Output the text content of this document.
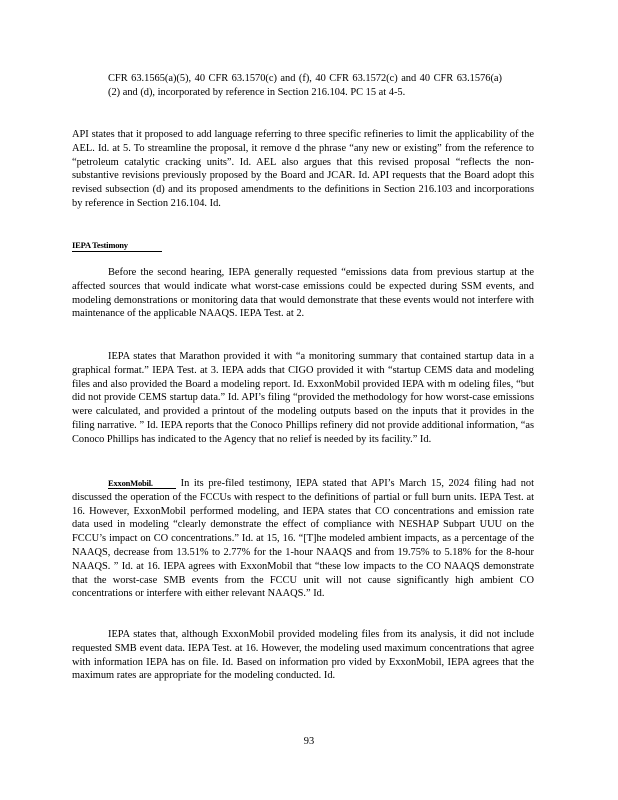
CFR 63.1565(a)(5), 40 CFR 63.1570(c) and (f), 40 CFR 63.1572(c) and 40 CFR 63.1576(a)(2) and (d), incorporated by reference in Section 216.104. PC 15 at 4-5.
API states that it proposed to add language referring to three specific refineries to limit the applicability of the AEL. Id. at 5. To streamline the proposal, it remove d the phrase “any new or existing” from the reference to “petroleum catalytic cracking units”. Id. AEL also argues that this revised proposal “reflects the non-substantive revisions previously proposed by the Board and JCAR. Id. API requests that the Board adopt this revised subsection (d) and its proposed amendments to the definitions in Section 216.103 and incorporations by reference in Section 216.104. Id.
IEPA Testimony
Before the second hearing, IEPA generally requested “emissions data from previous startup at the affected sources that would indicate what worst-case emissions could be expected during SSM events, and modeling demonstrations or monitoring data that would demonstrate that these events would not interfere with maintenance of the applicable NAAQS. IEPA Test. at 2.
IEPA states that Marathon provided it with “a monitoring summary that contained startup data in a graphical format.” IEPA Test. at 3. IEPA adds that CIGO provided it with “startup CEMS data and modeling files and also provided the Board a modeling report. Id. ExxonMobil provided IEPA with m odeling files, “but did not provide CEMS startup data.” Id. API’s filing “provided the methodology for how worst-case emissions were calculated, and provided a printout of the modeling outputs based on the inputs that it provides in the filing narrative. ” Id. IEPA reports that the Conoco Phillips refinery did not provide additional information, “as Conoco Phillips has indicated to the Agency that no relief is needed by its facility.” Id.
ExxonMobil.	In its pre-filed testimony, IEPA stated that API’s March 15, 2024 filing had not discussed the operation of the FCCUs with respect to the definitions of partial or full burn units. IEPA Test. at 16. However, ExxonMobil performed modeling, and IEPA states that CO concentrations and emission rate data used in modeling “clearly demonstrate the effect of compliance with NESHAP Subpart UUU on the FCCU’s impact on CO concentrations.” Id. at 15, 16. “[T]he modeled ambient impacts, as a percentage of the NAAQS, decrease from 13.51% to 2.77% for the 1-hour NAAQS and from 19.75% to 5.18% for the 8-hour NAAQS. ” Id. at 16. IEPA agrees with ExxonMobil that “these low impacts to the CO NAAQS demonstrate that the worst-case SMB events from the FCCU unit will not cause significantly high ambient CO concentrations or interfere with either relevant NAAQS.” Id.
IEPA states that, although ExxonMobil provided modeling files from its analysis, it did not include requested SMB event data. IEPA Test. at 16. However, the modeling used maximum concentrations that agree with information IEPA has on file. Id. Based on information pro vided by ExxonMobil, IEPA agrees that the maximum rates are appropriate for the modeling conducted. Id.
93
